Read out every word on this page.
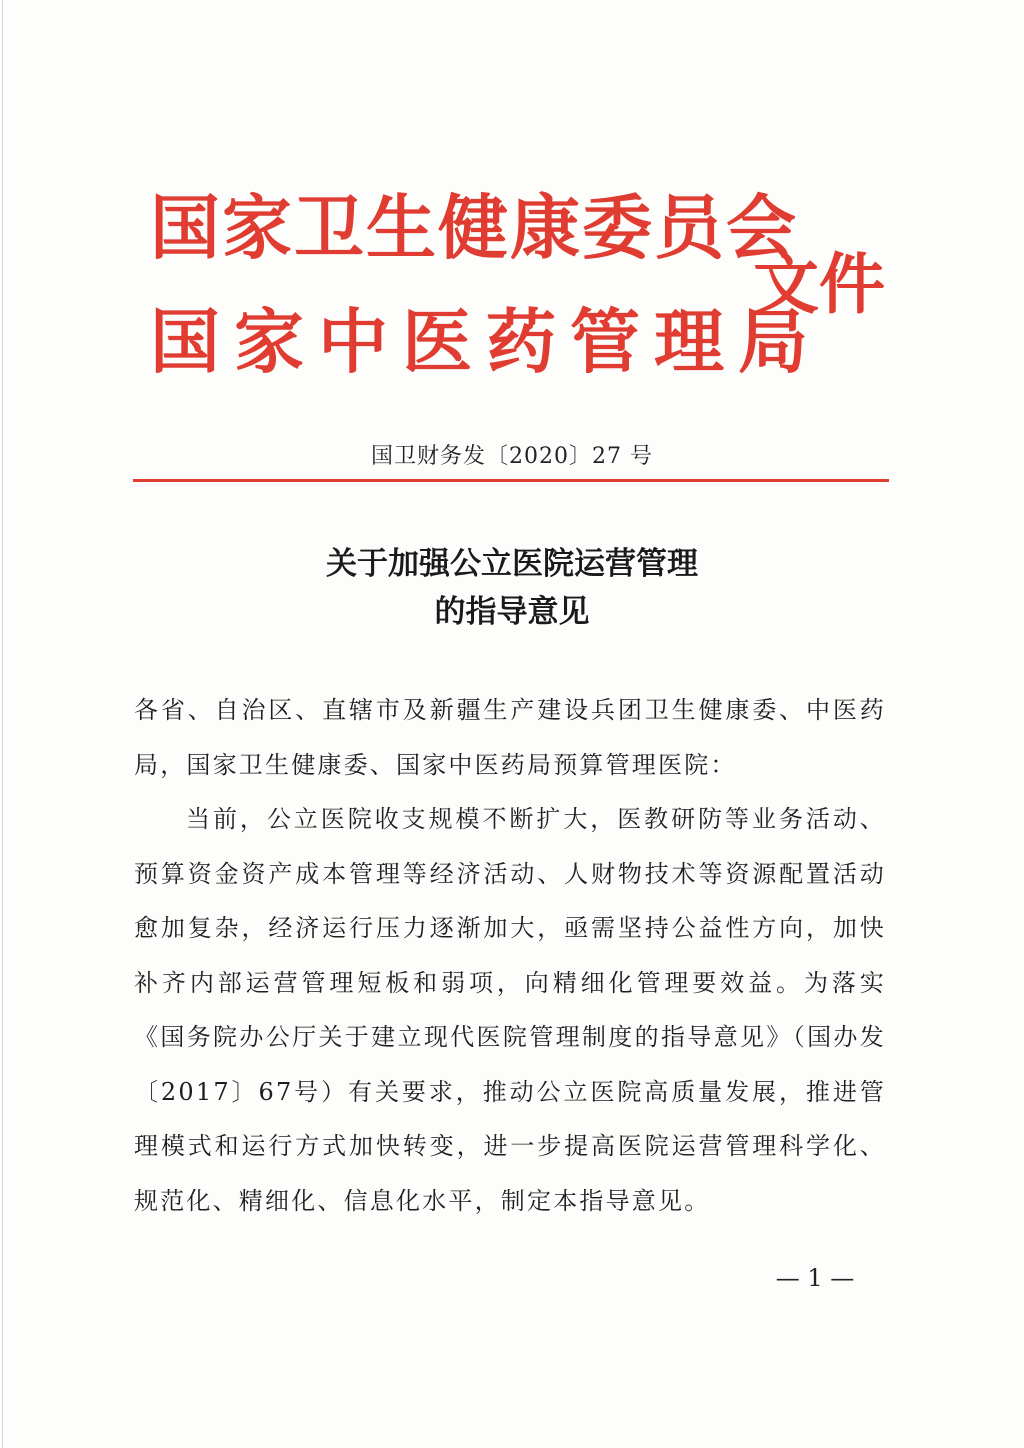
国家卫生健康委员会
国家中医药管理局
文件
国卫财务发〔2020〕27 号
关于加强公立医院运营管理
的指导意见

各省、自治区、直辖市及新疆生产建设兵团卫生健康委、中医药局，国家卫生健康委、国家中医药局预算管理医院：

当前，公立医院收支规模不断扩大，医教研防等业务活动、预算资金资产成本管理等经济活动、人财物技术等资源配置活动愈加复杂，经济运行压力逐渐加大，亟需坚持公益性方向，加快补齐内部运营管理短板和弱项，向精细化管理要效益。为落实《国务院办公厅关于建立现代医院管理制度的指导意见》（国办发〔2017〕67号）有关要求，推动公立医院高质量发展，推进管理模式和运行方式加快转变，进一步提高医院运营管理科学化、规范化、精细化、信息化水平，制定本指导意见。

— 1 —
